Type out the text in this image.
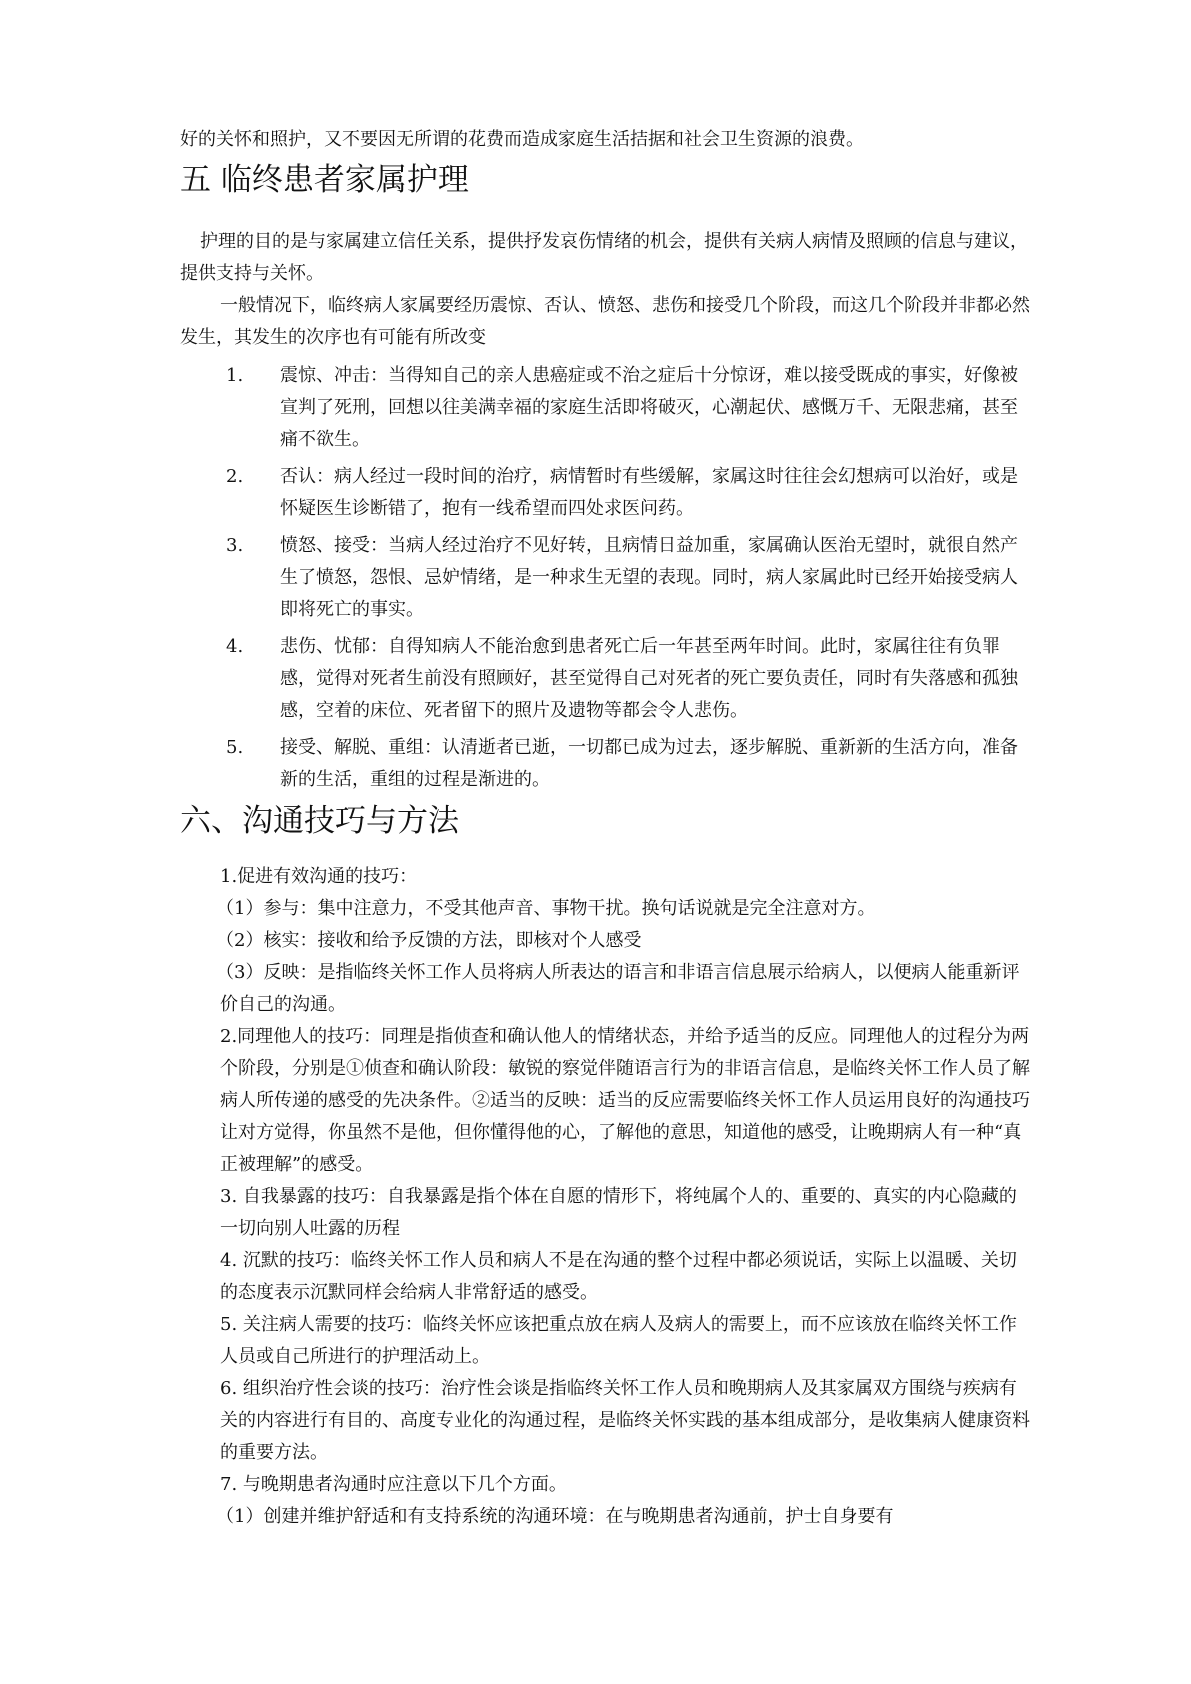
好的关怀和照护，又不要因无所谓的花费而造成家庭生活拮据和社会卫生资源的浪费。

五 临终患者家属护理

护理的目的是与家属建立信任关系，提供抒发哀伤情绪的机会，提供有关病人病情及照顾的信息与建议，提供支持与关怀。

一般情况下，临终病人家属要经历震惊、否认、愤怒、悲伤和接受几个阶段，而这几个阶段并非都必然发生，其发生的次序也有可能有所改变

1. 震惊、冲击：当得知自己的亲人患癌症或不治之症后十分惊讶，难以接受既成的事实，好像被宣判了死刑，回想以往美满幸福的家庭生活即将破灭，心潮起伏、感慨万千、无限悲痛，甚至痛不欲生。
2. 否认：病人经过一段时间的治疗，病情暂时有些缓解，家属这时往往会幻想病可以治好，或是怀疑医生诊断错了，抱有一线希望而四处求医问药。
3. 愤怒、接受：当病人经过治疗不见好转，且病情日益加重，家属确认医治无望时，就很自然产生了愤怒，怨恨、忌妒情绪，是一种求生无望的表现。同时，病人家属此时已经开始接受病人即将死亡的事实。
4. 悲伤、忧郁：自得知病人不能治愈到患者死亡后一年甚至两年时间。此时，家属往往有负罪感，觉得对死者生前没有照顾好，甚至觉得自己对死者的死亡要负责任，同时有失落感和孤独感，空着的床位、死者留下的照片及遗物等都会令人悲伤。
5. 接受、解脱、重组：认清逝者已逝，一切都已成为过去，逐步解脱、重新新的生活方向，准备新的生活，重组的过程是渐进的。
六、沟通技巧与方法

1.促进有效沟通的技巧：

（1）参与：集中注意力，不受其他声音、事物干扰。换句话说就是完全注意对方。

（2）核实：接收和给予反馈的方法，即核对个人感受

（3）反映：是指临终关怀工作人员将病人所表达的语言和非语言信息展示给病人，以便病人能重新评价自己的沟通。

2.同理他人的技巧：同理是指侦查和确认他人的情绪状态，并给予适当的反应。同理他人的过程分为两个阶段，分别是①侦查和确认阶段：敏锐的察觉伴随语言行为的非语言信息，是临终关怀工作人员了解病人所传递的感受的先决条件。②适当的反映：适当的反应需要临终关怀工作人员运用良好的沟通技巧让对方觉得，你虽然不是他，但你懂得他的心，了解他的意思，知道他的感受，让晚期病人有一种“真正被理解”的感受。

3. 自我暴露的技巧：自我暴露是指个体在自愿的情形下，将纯属个人的、重要的、真实的内心隐藏的一切向别人吐露的历程

4. 沉默的技巧：临终关怀工作人员和病人不是在沟通的整个过程中都必须说话，实际上以温暖、关切的态度表示沉默同样会给病人非常舒适的感受。

5. 关注病人需要的技巧：临终关怀应该把重点放在病人及病人的需要上，而不应该放在临终关怀工作人员或自己所进行的护理活动上。

6. 组织治疗性会谈的技巧：治疗性会谈是指临终关怀工作人员和晚期病人及其家属双方围绕与疾病有关的内容进行有目的、高度专业化的沟通过程，是临终关怀实践的基本组成部分，是收集病人健康资料的重要方法。

7. 与晚期患者沟通时应注意以下几个方面。

（1）创建并维护舒适和有支持系统的沟通环境：在与晚期患者沟通前，护士自身要有
